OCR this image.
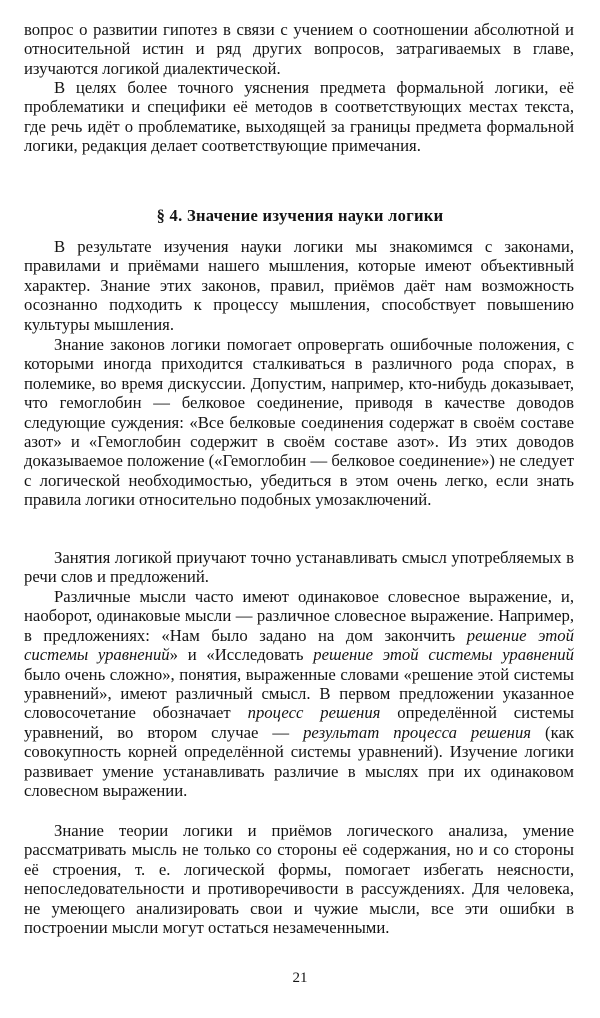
вопрос о развитии гипотез в связи с учением о соотношении абсолютной и относительной истин и ряд других вопросов, затрагиваемых в главе, изучаются логикой диалектической.

В целях более точного уяснения предмета формальной логики, её проблематики и специфики её методов в соответствующих местах текста, где речь идёт о проблематике, выходящей за границы предмета формальной логики, редакция делает соответствующие примечания.

§ 4. Значение изучения науки логики

В результате изучения науки логики мы знакомимся с законами, правилами и приёмами нашего мышления, которые имеют объективный характер. Знание этих законов, правил, приёмов даёт нам возможность осознанно подходить к процессу мышления, способствует повышению культуры мышления.

Знание законов логики помогает опровергать ошибочные положения, с которыми иногда приходится сталкиваться в различного рода спорах, в полемике, во время дискуссии. Допустим, например, кто-нибудь доказывает, что гемоглобин — белковое соединение, приводя в качестве доводов следующие суждения: «Все белковые соединения содержат в своём составе азот» и «Гемоглобин содержит в своём составе азот». Из этих доводов доказываемое положение («Гемоглобин — белковое соединение») не следует с логической необходимостью, убедиться в этом очень легко, если знать правила логики относительно подобных умозаключений.

Занятия логикой приучают точно устанавливать смысл употребляемых в речи слов и предложений.

Различные мысли часто имеют одинаковое словесное выражение, и, наоборот, одинаковые мысли — различное словесное выражение. Например, в предложениях: «Нам было задано на дом закончить решение этой системы уравнений» и «Исследовать решение этой системы уравнений было очень сложно», понятия, выраженные словами «решение этой системы уравнений», имеют различный смысл. В первом предложении указанное словосочетание обозначает процесс решения определённой системы уравнений, во втором случае — результат процесса решения (как совокупность корней определённой системы уравнений). Изучение логики развивает умение устанавливать различие в мыслях при их одинаковом словесном выражении.

Знание теории логики и приёмов логического анализа, умение рассматривать мысль не только со стороны её содержания, но и со стороны её строения, т. е. логической формы, помогает избегать неясности, непоследовательности и противоречивости в рассуждениях. Для человека, не умеющего анализировать свои и чужие мысли, все эти ошибки в построении мысли могут остаться незамеченными.

21
